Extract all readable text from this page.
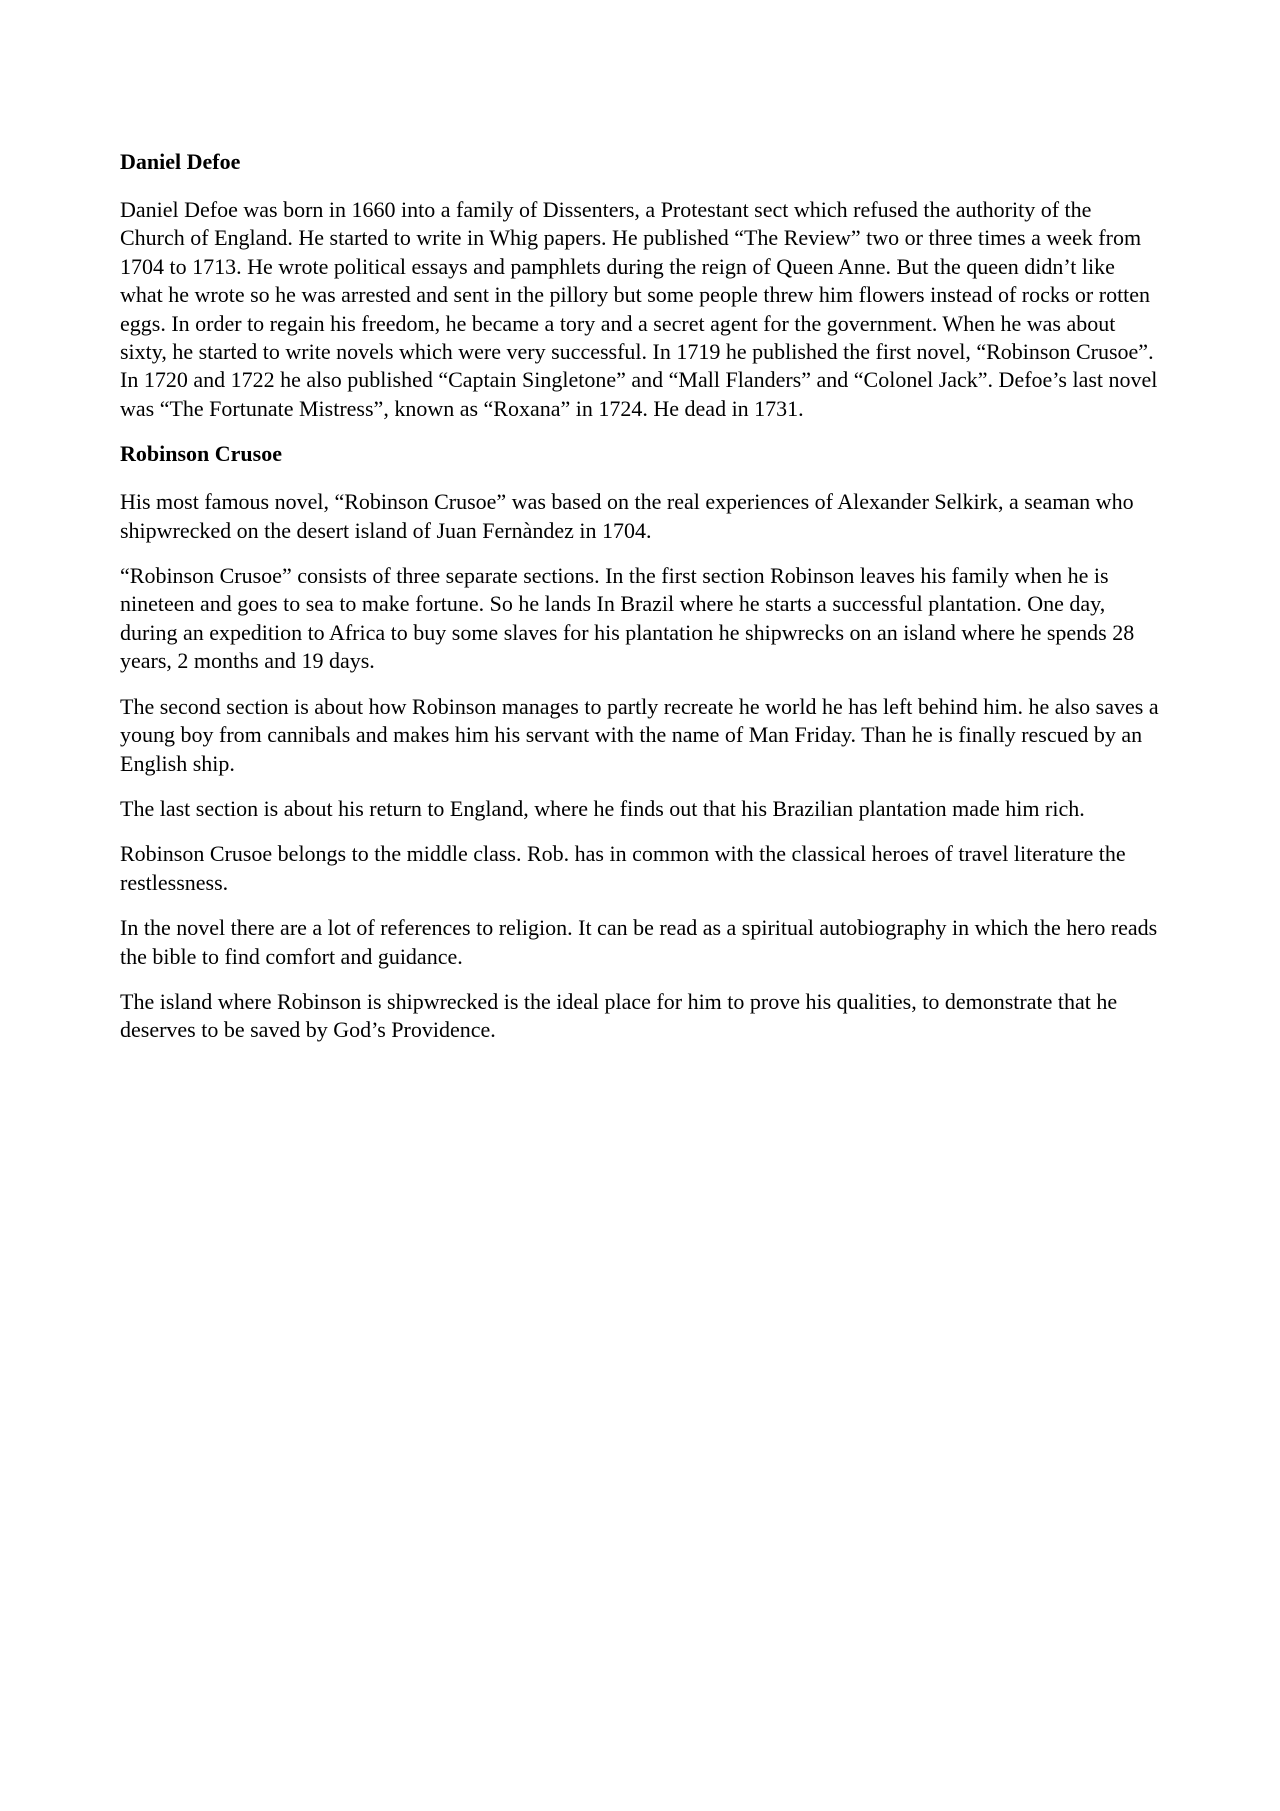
Daniel Defoe

Daniel Defoe was born in 1660 into a family of Dissenters, a Protestant sect which refused the authority of the Church of England. He started to write in Whig papers. He published “The Review” two or three times a week from 1704 to 1713. He wrote political essays and pamphlets during the reign of Queen Anne. But the queen didn’t like what he wrote so he was arrested and sent in the pillory but some people threw him flowers instead of rocks or rotten eggs. In order to regain his freedom, he became a tory and a secret agent for the government. When he was about sixty, he started to write novels which were very successful. In 1719 he published the first novel, “Robinson Crusoe”. In 1720 and 1722 he also published “Captain Singletone” and “Mall Flanders” and “Colonel Jack”. Defoe’s last novel was “The Fortunate Mistress”, known as “Roxana” in 1724. He dead in 1731.

Robinson Crusoe

His most famous novel, “Robinson Crusoe” was based on the real experiences of Alexander Selkirk, a seaman who shipwrecked on the desert island of Juan Fernàndez in 1704.

“Robinson Crusoe” consists of three separate sections. In the first section Robinson leaves his family when he is nineteen and goes to sea to make fortune. So he lands In Brazil where he starts a successful plantation. One day, during an expedition to Africa to buy some slaves for his plantation he shipwrecks on an island where he spends 28 years, 2 months and 19 days.

The second section is about how Robinson manages to partly recreate he world he has left behind him. he also saves a young boy from cannibals and makes him his servant with the name of Man Friday. Than he is finally rescued by an English ship.

The last section is about his return to England, where he finds out that his Brazilian plantation made him rich.

Robinson Crusoe belongs to the middle class. Rob. has in common with the classical heroes of travel literature the restlessness.

In the novel there are a lot of references to religion. It can be read as a spiritual autobiography in which the hero reads the bible to find comfort and guidance.

The island where Robinson is shipwrecked is the ideal place for him to prove his qualities, to demonstrate that he deserves to be saved by God’s Providence.
